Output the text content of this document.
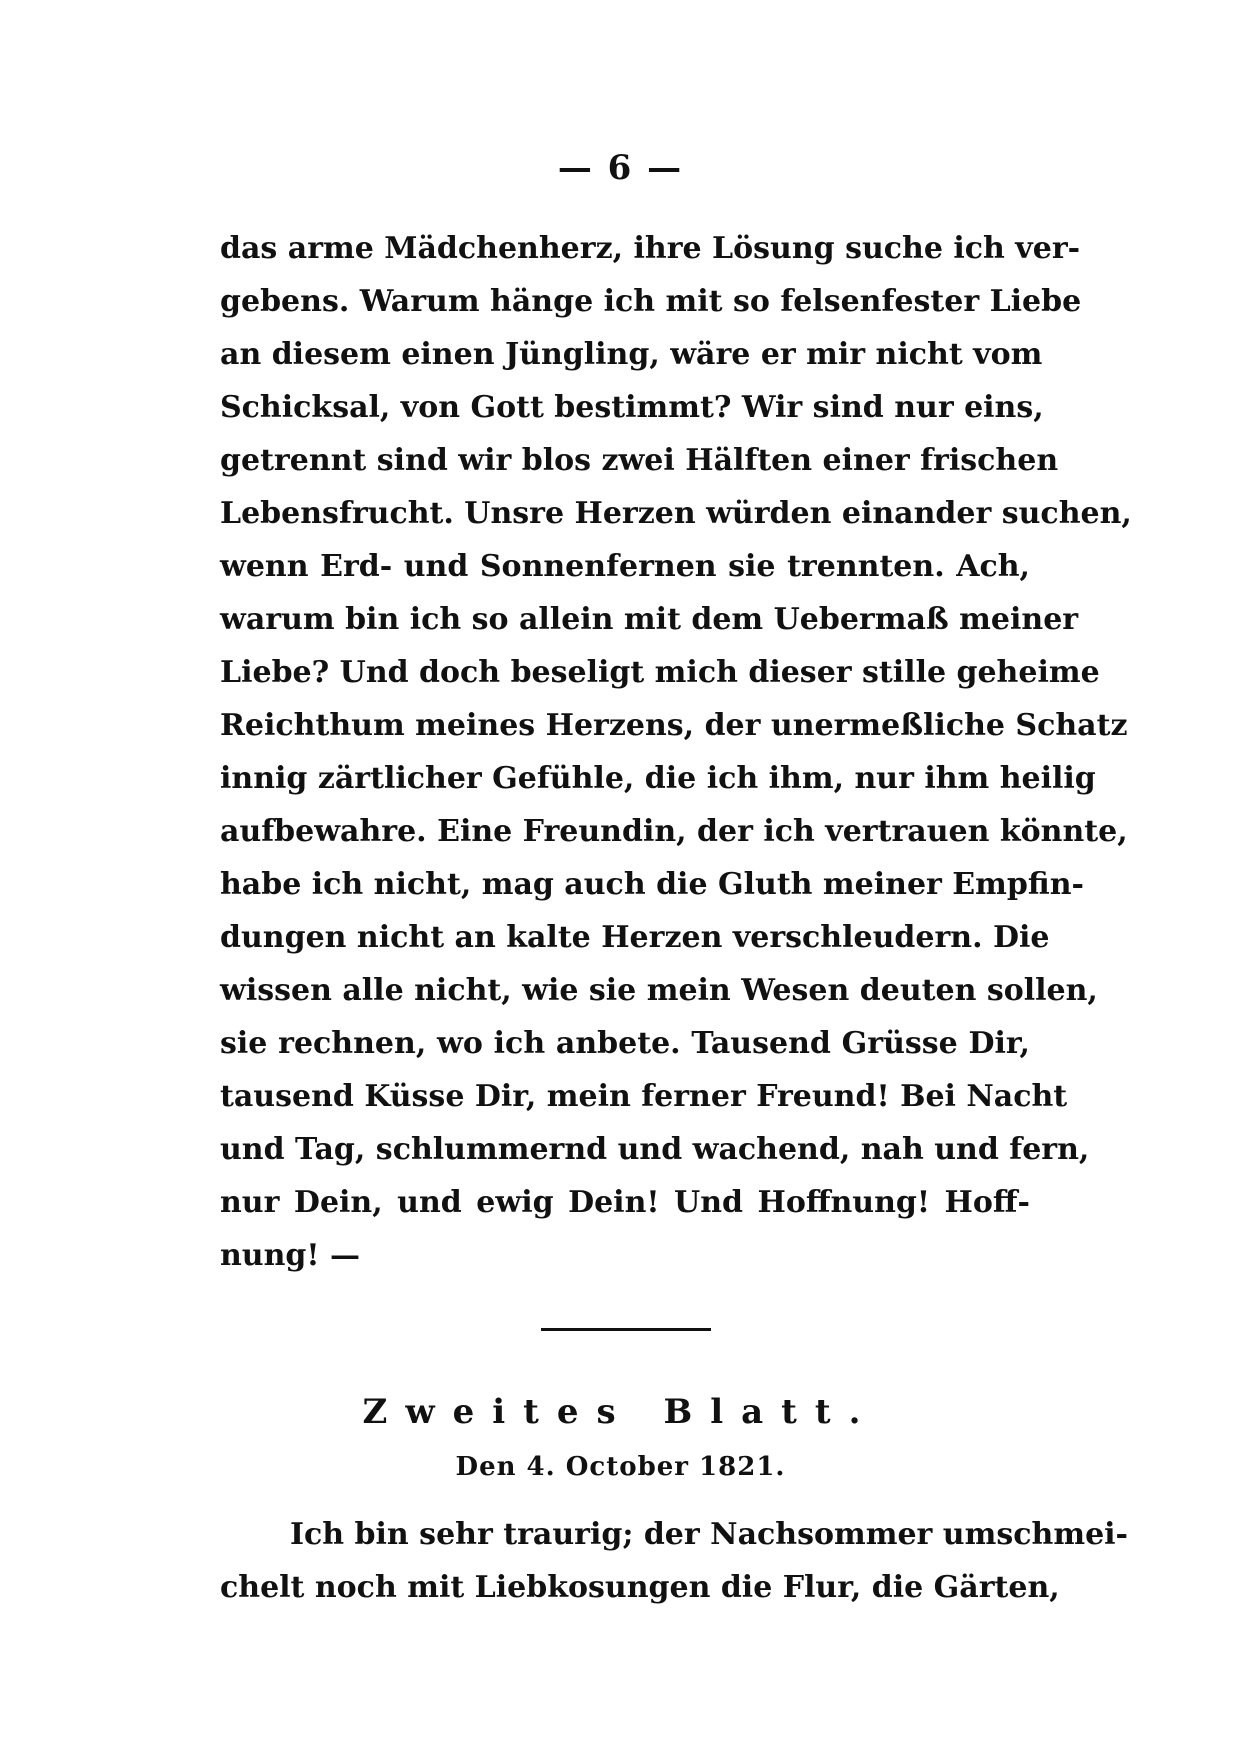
— 6 —
das arme Mädchenherz, ihre Lösung suche ich ver-
gebens. Warum hänge ich mit so felsenfester Liebe
an diesem einen Jüngling, wäre er mir nicht vom
Schicksal, von Gott bestimmt? Wir sind nur eins,
getrennt sind wir blos zwei Hälften einer frischen
Lebensfrucht. Unsre Herzen würden einander suchen,
wenn Erd- und Sonnenfernen sie trennten. Ach,
warum bin ich so allein mit dem Uebermaß meiner
Liebe? Und doch beseligt mich dieser stille geheime
Reichthum meines Herzens, der unermeßliche Schatz
innig zärtlicher Gefühle, die ich ihm, nur ihm heilig
aufbewahre. Eine Freundin, der ich vertrauen könnte,
habe ich nicht, mag auch die Gluth meiner Empfin-
dungen nicht an kalte Herzen verschleudern. Die
wissen alle nicht, wie sie mein Wesen deuten sollen,
sie rechnen, wo ich anbete. Tausend Grüsse Dir,
tausend Küsse Dir, mein ferner Freund! Bei Nacht
und Tag, schlummernd und wachend, nah und fern,
nur Dein, und ewig Dein! Und Hoffnung! Hoff-
nung! —
Zweites Blatt.
Den 4. October 1821.
Ich bin sehr traurig; der Nachsommer umschmei-
chelt noch mit Liebkosungen die Flur, die Gärten,
